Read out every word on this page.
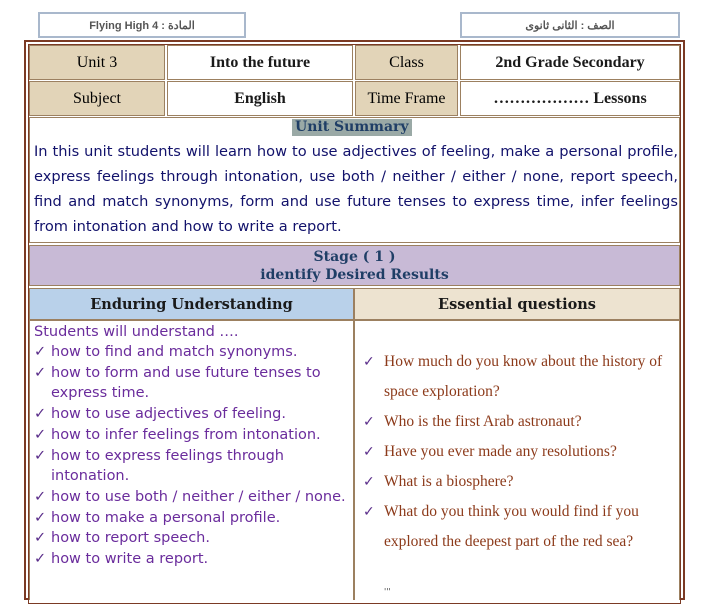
Flying High 4 : المادة	الصف : الثانى ثانوى
Unit 3	Into the future	Class	2nd Grade Secondary
Subject	English	Time Frame	……………… Lessons
Unit Summary

In this unit students will learn how to use adjectives of feeling, make a personal profile, express feelings through intonation, use both / neither / either / none, report speech, find and match synonyms, form and use future tenses to express time, infer feelings from intonation and how to write a report.

Stage ( 1 )
identify Desired Results
Enduring Understanding	Essential questions
Students will understand ….
✓ how to find and match synonyms.
✓ how to form and use future tenses to express time.
✓ how to use adjectives of feeling.
✓ how to infer feelings from intonation.
✓ how to express feelings through intonation.
✓ how to use both / neither / either / none.
✓ how to make a personal profile.
✓ how to report speech.
✓ how to write a report.
✓ How much do you know about the history of space exploration?
✓ Who is the first Arab astronaut?
✓ Have you ever made any resolutions?
✓ What is a biosphere?
✓ What do you think you would find if you explored the deepest part of the red sea?
'''
